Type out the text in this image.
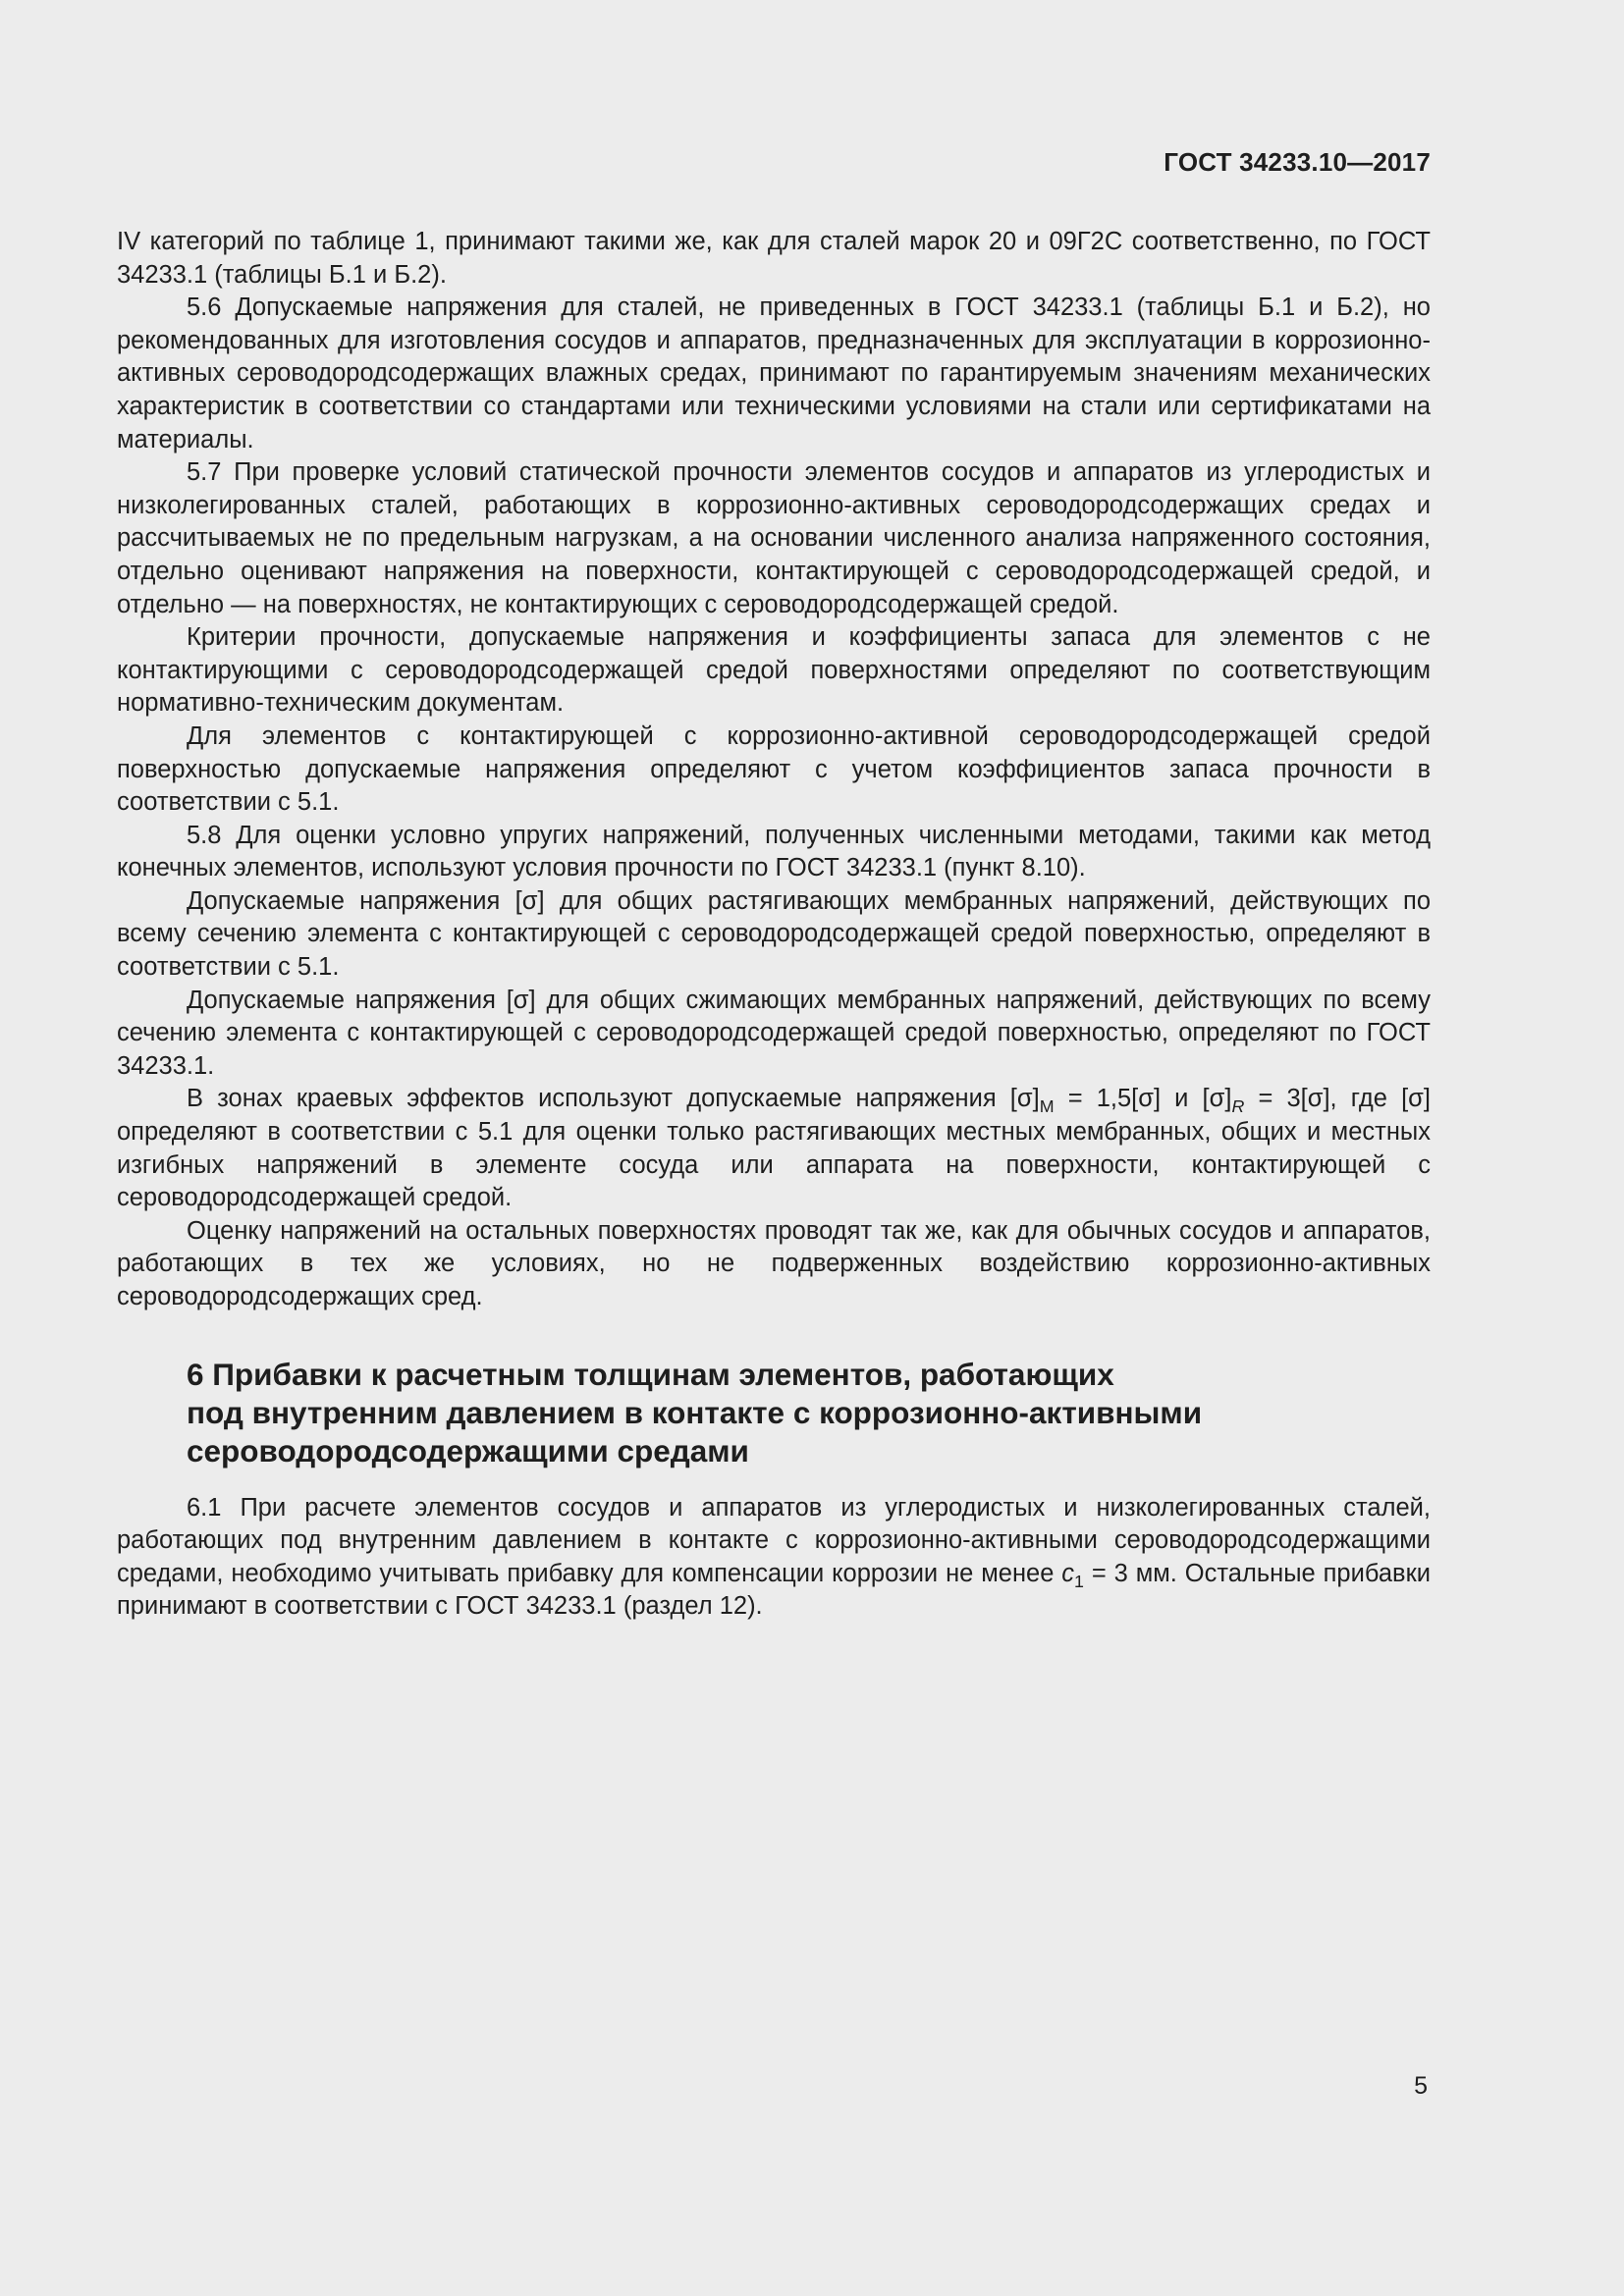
ГОСТ 34233.10—2017

IV категорий по таблице 1, принимают такими же, как для сталей марок 20 и 09Г2С соответственно, по ГОСТ 34233.1 (таблицы Б.1 и Б.2).

5.6 Допускаемые напряжения для сталей, не приведенных в ГОСТ 34233.1 (таблицы Б.1 и Б.2), но рекомендованных для изготовления сосудов и аппаратов, предназначенных для эксплуатации в коррозионно-активных сероводородсодержащих влажных средах, принимают по гарантируемым значениям механических характеристик в соответствии со стандартами или техническими условиями на стали или сертификатами на материалы.

5.7 При проверке условий статической прочности элементов сосудов и аппаратов из углеродистых и низколегированных сталей, работающих в коррозионно-активных сероводородсодержащих средах и рассчитываемых не по предельным нагрузкам, а на основании численного анализа напряженного состояния, отдельно оценивают напряжения на поверхности, контактирующей с сероводородсодержащей средой, и отдельно — на поверхностях, не контактирующих с сероводородсодержащей средой.

Критерии прочности, допускаемые напряжения и коэффициенты запаса для элементов с не контактирующими с сероводородсодержащей средой поверхностями определяют по соответствующим нормативно-техническим документам.

Для элементов с контактирующей с коррозионно-активной сероводородсодержащей средой поверхностью допускаемые напряжения определяют с учетом коэффициентов запаса прочности в соответствии с 5.1.

5.8 Для оценки условно упругих напряжений, полученных численными методами, такими как метод конечных элементов, используют условия прочности по ГОСТ 34233.1 (пункт 8.10).

Допускаемые напряжения [σ] для общих растягивающих мембранных напряжений, действующих по всему сечению элемента с контактирующей с сероводородсодержащей средой поверхностью, определяют в соответствии с 5.1.

Допускаемые напряжения [σ] для общих сжимающих мембранных напряжений, действующих по всему сечению элемента с контактирующей с сероводородсодержащей средой поверхностью, определяют по ГОСТ 34233.1.

В зонах краевых эффектов используют допускаемые напряжения $[\sigma]_M = 1,5[\sigma]$ и $[\sigma]_R = 3[\sigma]$, где [σ] определяют в соответствии с 5.1 для оценки только растягивающих местных мембранных, общих и местных изгибных напряжений в элементе сосуда или аппарата на поверхности, контактирующей с сероводородсодержащей средой.

Оценку напряжений на остальных поверхностях проводят так же, как для обычных сосудов и аппаратов, работающих в тех же условиях, но не подверженных воздействию коррозионно-активных сероводородсодержащих сред.

6 Прибавки к расчетным толщинам элементов, работающих
под внутренним давлением в контакте с коррозионно-активными
сероводородсодержащими средами

6.1 При расчете элементов сосудов и аппаратов из углеродистых и низколегированных сталей, работающих под внутренним давлением в контакте с коррозионно-активными сероводородсодержащими средами, необходимо учитывать прибавку для компенсации коррозии не менее $c_1 = 3$ мм. Остальные прибавки принимают в соответствии с ГОСТ 34233.1 (раздел 12).

5
